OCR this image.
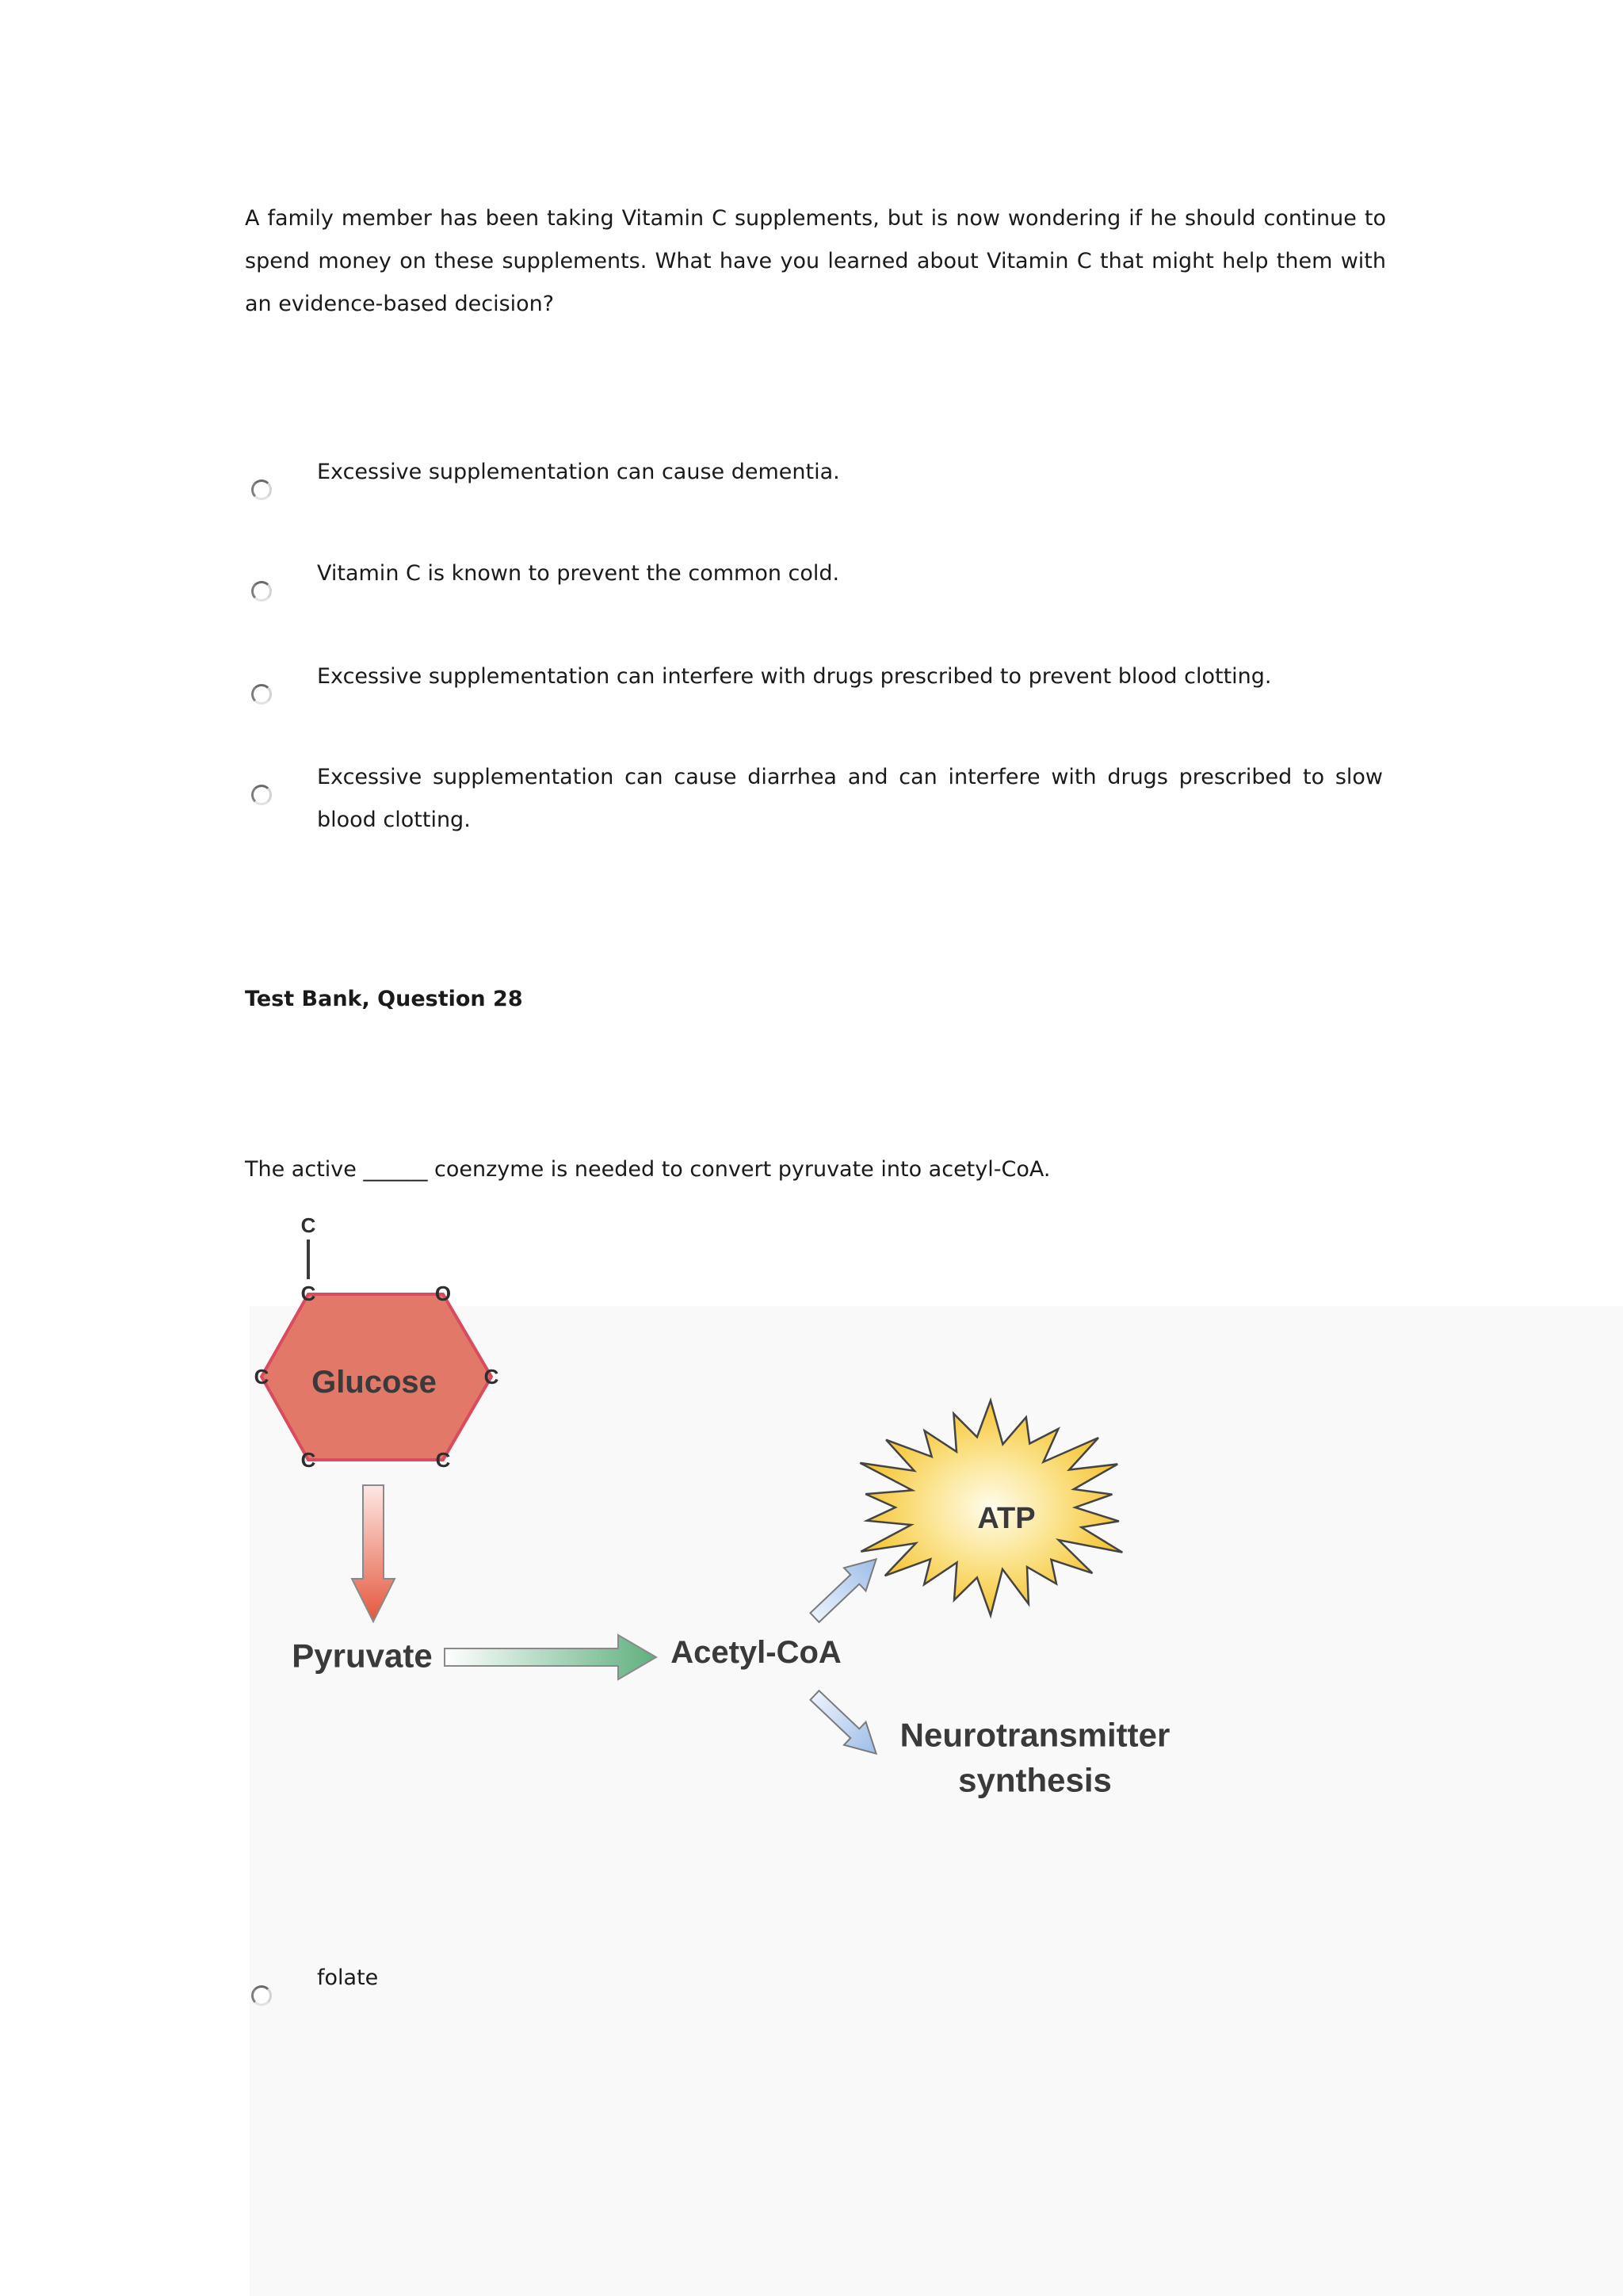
A family member has been taking Vitamin C supplements, but is now wondering if he should continue to spend money on these supplements. What have you learned about Vitamin C that might help them with an evidence-based decision?

Excessive supplementation can cause dementia.
Vitamin C is known to prevent the common cold.
Excessive supplementation can interfere with drugs prescribed to prevent blood clotting.
Excessive supplementation can cause diarrhea and can interfere with drugs prescribed to slow blood clotting.
Test Bank, Question 28

The active ______ coenzyme is needed to convert pyruvate into acetyl-CoA.

C
C	O
C	C
C	C
Glucose
Pyruvate	Acetyl-CoA
ATP
Neurotransmitter
synthesis
folate
